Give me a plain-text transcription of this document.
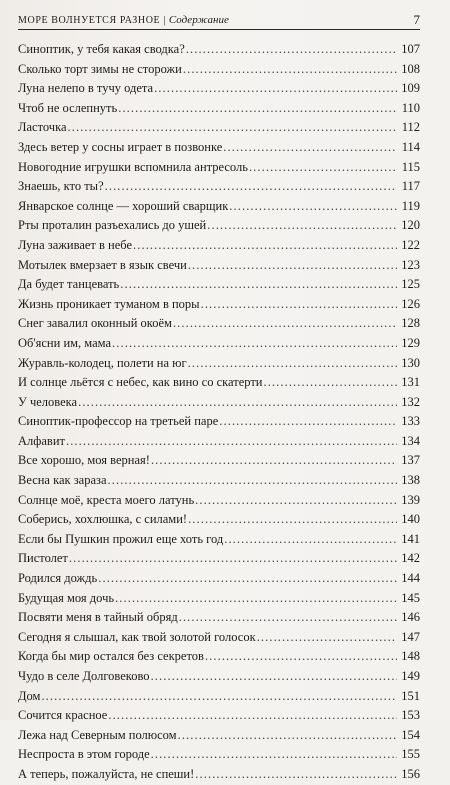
МОРЕ ВОЛНУЕТСЯ РАЗНОЕ | Содержание	7
Синоптик, у тебя какая сводка? .....	107
Сколько торт зимы не сторожи .....	108
Луна нелепо в тучу одета .....	109
Чтоб не ослепнуть .....	110
Ласточка .....	112
Здесь ветер у сосны играет в позвонке .....	114
Новогодние игрушки вспомнила антресоль .....	115
Знаешь, кто ты? .....	117
Январское солнце — хороший сварщик .....	119
Рты проталин разъехались до ушей .....	120
Луна заживает в небе .....	122
Мотылек вмерзает в язык свечи .....	123
Да будет танцевать .....	125
Жизнь проникает туманом в поры .....	126
Снег завалил оконный окоём .....	128
Об'ясни им, мама .....	129
Журавль-колодец, полети на юг .....	130
И солнце льётся с небес, как вино со скатерти .....	131
У человека .....	132
Синоптик-профессор на третьей паре .....	133
Алфавит .....	134
Все хорошо, моя верная! .....	137
Весна как зараза .....	138
Солнце моё, креста моего латунь .....	139
Соберись, хохлюшка, с силами! .....	140
Если бы Пушкин прожил еще хоть год .....	141
Пистолет .....	142
Родился дождь .....	144
Будущая моя дочь .....	145
Посвяти меня в тайный обряд .....	146
Сегодня я слышал, как твой золотой голосок .....	147
Когда бы мир остался без секретов .....	148
Чудо в селе Долговеково .....	149
Дом .....	151
Сочится красное .....	153
Лежа над Северным полюсом .....	154
Неспроста в этом городе .....	155
А теперь, пожалуйста, не спеши! .....	156
